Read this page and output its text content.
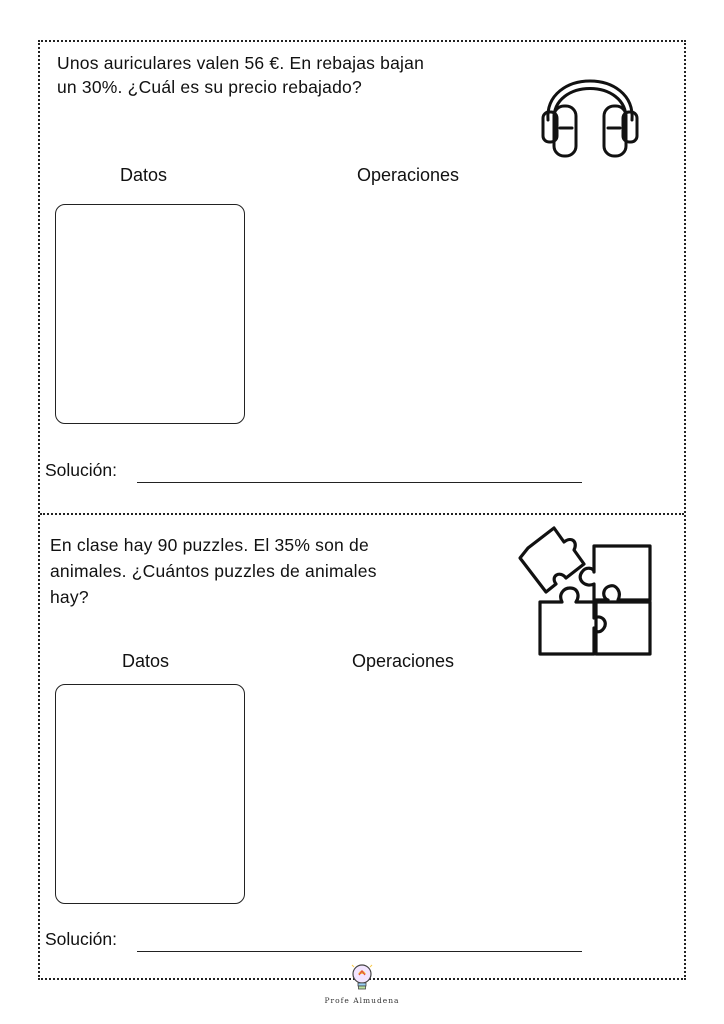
Unos auriculares valen 56 €. En rebajas bajan
un 30%. ¿Cuál es su precio rebajado?
Datos	Operaciones
Solución:
En clase hay 90 puzzles. El 35% son de
animales. ¿Cuántos puzzles de animales
hay?
Datos	Operaciones
Solución:
Profe Almudena
